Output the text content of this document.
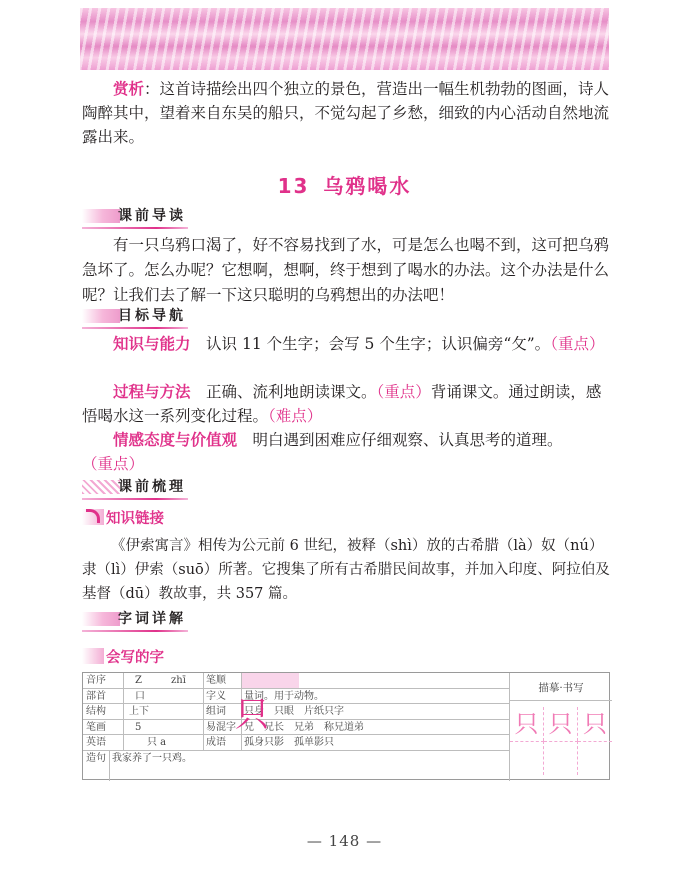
赏析：这首诗描绘出四个独立的景色，营造出一幅生机勃勃的图画，诗人陶醉其中，望着来自东吴的船只，不觉勾起了乡愁，细致的内心活动自然地流露出来。

13 乌鸦喝水
课前导读

有一只乌鸦口渴了，好不容易找到了水，可是怎么也喝不到，这可把乌鸦急坏了。怎么办呢？它想啊，想啊，终于想到了喝水的办法。这个办法是什么呢？让我们去了解一下这只聪明的乌鸦想出的办法吧！

目标导航

知识与能力　 认识 11 个生字；会写 5 个生字；认识偏旁“攵”。（重点）

过程与方法　 正确、流利地朗读课文。（重点）背诵课文。通过朗读，感悟喝水这一系列变化过程。（难点）

情感态度与价值观　 明白遇到困难应仔细观察、认真思考的道理。（重点）

课前梳理
知识链接

《伊索寓言》相传为公元前 6 世纪，被释（shì）放的古希腊（là）奴（nú）隶（lì）伊索（suō）所著。它搜集了所有古希腊民间故事，并加入印度、阿拉伯及基督（dū）教故事，共 357 篇。

字词详解
会写的字
音序	Z	zhī	笔顺
部首	口	字义	量词。用于动物。
结构	上下	组词	只身　只眼　片纸只字
笔画	5	易混字 兄　兄长　兄弟　称兄道弟
英语	只 a	成语	孤身只影　孤单影只
造句 我家养了一只鸡。
只
描摹·书写
只 只 只
— 148 —
